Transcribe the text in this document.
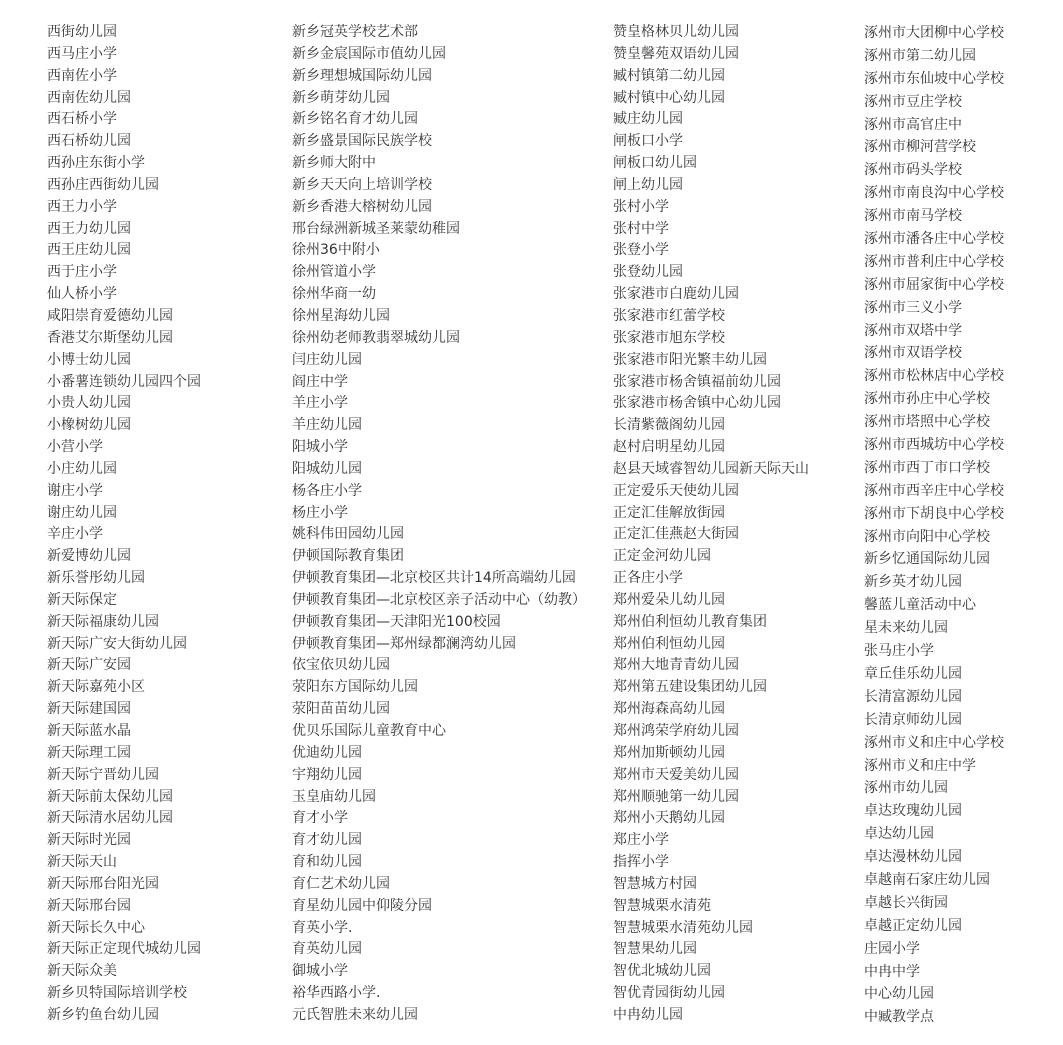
西街幼儿园
西马庄小学
西南佐小学
西南佐幼儿园
西石桥小学
西石桥幼儿园
西孙庄东街小学
西孙庄西街幼儿园
西王力小学
西王力幼儿园
西王庄幼儿园
西于庄小学
仙人桥小学
咸阳崇育爱德幼儿园
香港艾尔斯堡幼儿园
小博士幼儿园
小番薯连锁幼儿园四个园
小贵人幼儿园
小橡树幼儿园
小营小学
小庄幼儿园
谢庄小学
谢庄幼儿园
辛庄小学
新爱博幼儿园
新乐誉彤幼儿园
新天际保定
新天际福康幼儿园
新天际广安大街幼儿园
新天际广安园
新天际嘉苑小区
新天际建国园
新天际蓝水晶
新天际理工园
新天际宁晋幼儿园
新天际前太保幼儿园
新天际清水居幼儿园
新天际时光园
新天际天山
新天际邢台阳光园
新天际邢台园
新天际长久中心
新天际正定现代城幼儿园
新天际众美
新乡贝特国际培训学校
新乡钓鱼台幼儿园
新乡冠英学校艺术部
新乡金宸国际市值幼儿园
新乡理想城国际幼儿园
新乡萌芽幼儿园
新乡铭名育才幼儿园
新乡盛景国际民族学校
新乡师大附中
新乡天天向上培训学校
新乡香港大榕树幼儿园
邢台绿洲新城圣莱蒙幼稚园
徐州36中附小
徐州管道小学
徐州华商一幼
徐州星海幼儿园
徐州幼老师教翡翠城幼儿园
闫庄幼儿园
阎庄中学
羊庄小学
羊庄幼儿园
阳城小学
阳城幼儿园
杨各庄小学
杨庄小学
姚科伟田园幼儿园
伊顿国际教育集团
伊顿教育集团—北京校区共计14所高端幼儿园
伊顿教育集团—北京校区亲子活动中心（幼教）
伊顿教育集团—天津阳光100校园
伊顿教育集团—郑州绿都澜湾幼儿园
依宝依贝幼儿园
荥阳东方国际幼儿园
荥阳苗苗幼儿园
优贝乐国际儿童教育中心
优迪幼儿园
宇翔幼儿园
玉皇庙幼儿园
育才小学
育才幼儿园
育和幼儿园
育仁艺术幼儿园
育星幼儿园中仰陵分园
育英小学.
育英幼儿园
御城小学
裕华西路小学.
元氏智胜未来幼儿园
赞皇格林贝儿幼儿园
赞皇馨苑双语幼儿园
臧村镇第二幼儿园
臧村镇中心幼儿园
臧庄幼儿园
闸板口小学
闸板口幼儿园
闸上幼儿园
张村小学
张村中学
张登小学
张登幼儿园
张家港市白鹿幼儿园
张家港市红蕾学校
张家港市旭东学校
张家港市阳光繁丰幼儿园
张家港市杨舍镇福前幼儿园
张家港市杨舍镇中心幼儿园
长清紫薇阁幼儿园
赵村启明星幼儿园
赵县天域睿智幼儿园新天际天山
正定爱乐天使幼儿园
正定汇佳解放街园
正定汇佳燕赵大街园
正定金河幼儿园
正各庄小学
郑州爱朵儿幼儿园
郑州伯利恒幼儿教育集团
郑州伯利恒幼儿园
郑州大地青青幼儿园
郑州第五建设集团幼儿园
郑州海森高幼儿园
郑州鸿荣学府幼儿园
郑州加斯顿幼儿园
郑州市天爱美幼儿园
郑州顺驰第一幼儿园
郑州小天鹅幼儿园
郑庄小学
指挥小学
智慧城方村园
智慧城栗水清苑
智慧城栗水清苑幼儿园
智慧果幼儿园
智优北城幼儿园
智优青园街幼儿园
中冉幼儿园
涿州市大团柳中心学校
涿州市第二幼儿园
涿州市东仙坡中心学校
涿州市豆庄学校
涿州市高官庄中
涿州市柳河营学校
涿州市码头学校
涿州市南良沟中心学校
涿州市南马学校
涿州市潘各庄中心学校
涿州市普利庄中心学校
涿州市屈家街中心学校
涿州市三义小学
涿州市双塔中学
涿州市双语学校
涿州市松林店中心学校
涿州市孙庄中心学校
涿州市塔照中心学校
涿州市西城坊中心学校
涿州市西丁市口学校
涿州市西辛庄中心学校
涿州市下胡良中心学校
涿州市向阳中心学校
新乡忆通国际幼儿园
新乡英才幼儿园
馨蓝儿童活动中心
星未来幼儿园
张马庄小学
章丘佳乐幼儿园
长清富源幼儿园
长清京师幼儿园
涿州市义和庄中心学校
涿州市义和庄中学
涿州市幼儿园
卓达玫瑰幼儿园
卓达幼儿园
卓达漫林幼儿园
卓越南石家庄幼儿园
卓越长兴街园
卓越正定幼儿园
庄园小学
中冉中学
中心幼儿园
中臧教学点
